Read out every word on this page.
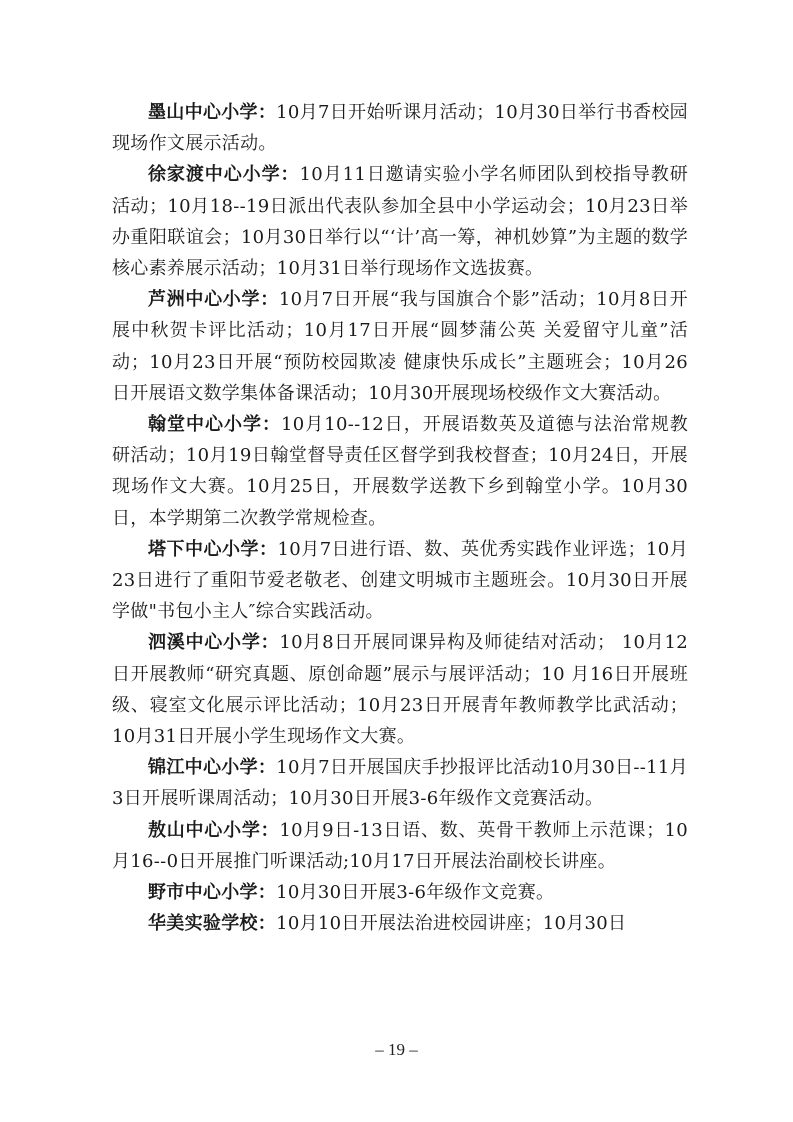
墨山中心小学：10月7日开始听课月活动；10月30日举行书香校园现场作文展示活动。

徐家渡中心小学：10月11日邀请实验小学名师团队到校指导教研活动；10月18--19日派出代表队参加全县中小学运动会；10月23日举办重阳联谊会；10月30日举行以“‘计’高一筹，神机妙算”为主题的数学核心素养展示活动；10月31日举行现场作文选拔赛。

芦洲中心小学：10月7日开展“我与国旗合个影”活动；10月8日开展中秋贺卡评比活动；10月17日开展“圆梦蒲公英 关爱留守儿童”活动；10月23日开展“预防校园欺凌 健康快乐成长”主题班会；10月26日开展语文数学集体备课活动；10月30开展现场校级作文大赛活动。

翰堂中心小学：10月10--12日，开展语数英及道德与法治常规教研活动；10月19日翰堂督导责任区督学到我校督查；10月24日，开展现场作文大赛。10月25日，开展数学送教下乡到翰堂小学。10月30日，本学期第二次教学常规检查。

塔下中心小学：10月7日进行语、数、英优秀实践作业评选；10月23日进行了重阳节爱老敬老、创建文明城市主题班会。10月30日开展学做"书包小主人″综合实践活动。

泗溪中心小学：10月8日开展同课异构及师徒结对活动； 10月12日开展教师“研究真题、原创命题”展示与展评活动；10 月16日开展班级、寝室文化展示评比活动；10月23日开展青年教师教学比武活动；10月31日开展小学生现场作文大赛。

锦江中心小学：10月7日开展国庆手抄报评比活动10月30日--11月3日开展听课周活动；10月30日开展3-6年级作文竞赛活动。

敖山中心小学：10月9日-13日语、数、英骨干教师上示范课；10月16--0日开展推门听课活动;10月17日开展法治副校长讲座。

野市中心小学：10月30日开展3-6年级作文竞赛。

华美实验学校：10月10日开展法治进校园讲座；10月30日

– 19 –
